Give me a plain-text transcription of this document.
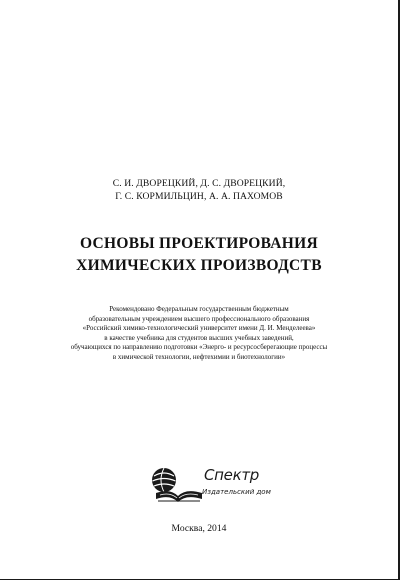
С. И. ДВОРЕЦКИЙ, Д. С. ДВОРЕЦКИЙ,
Г. С. КОРМИЛЬЦИН, А. А. ПАХОМОВ
ОСНОВЫ ПРОЕКТИРОВАНИЯ
ХИМИЧЕСКИХ ПРОИЗВОДСТВ
Рекомендовано Федеральным государственным бюджетным
образовательным учреждением высшего профессионального образования
«Российский химико-технологический университет имени Д. И. Менделеева»
в качестве учебника для студентов высших учебных заведений,
обучающихся по направлению подготовки «Энерго- и ресурсосберегающие процессы
в химической технологии, нефтехимии и биотехнологии»
Спектр
Издательский дом
Москва, 2014
